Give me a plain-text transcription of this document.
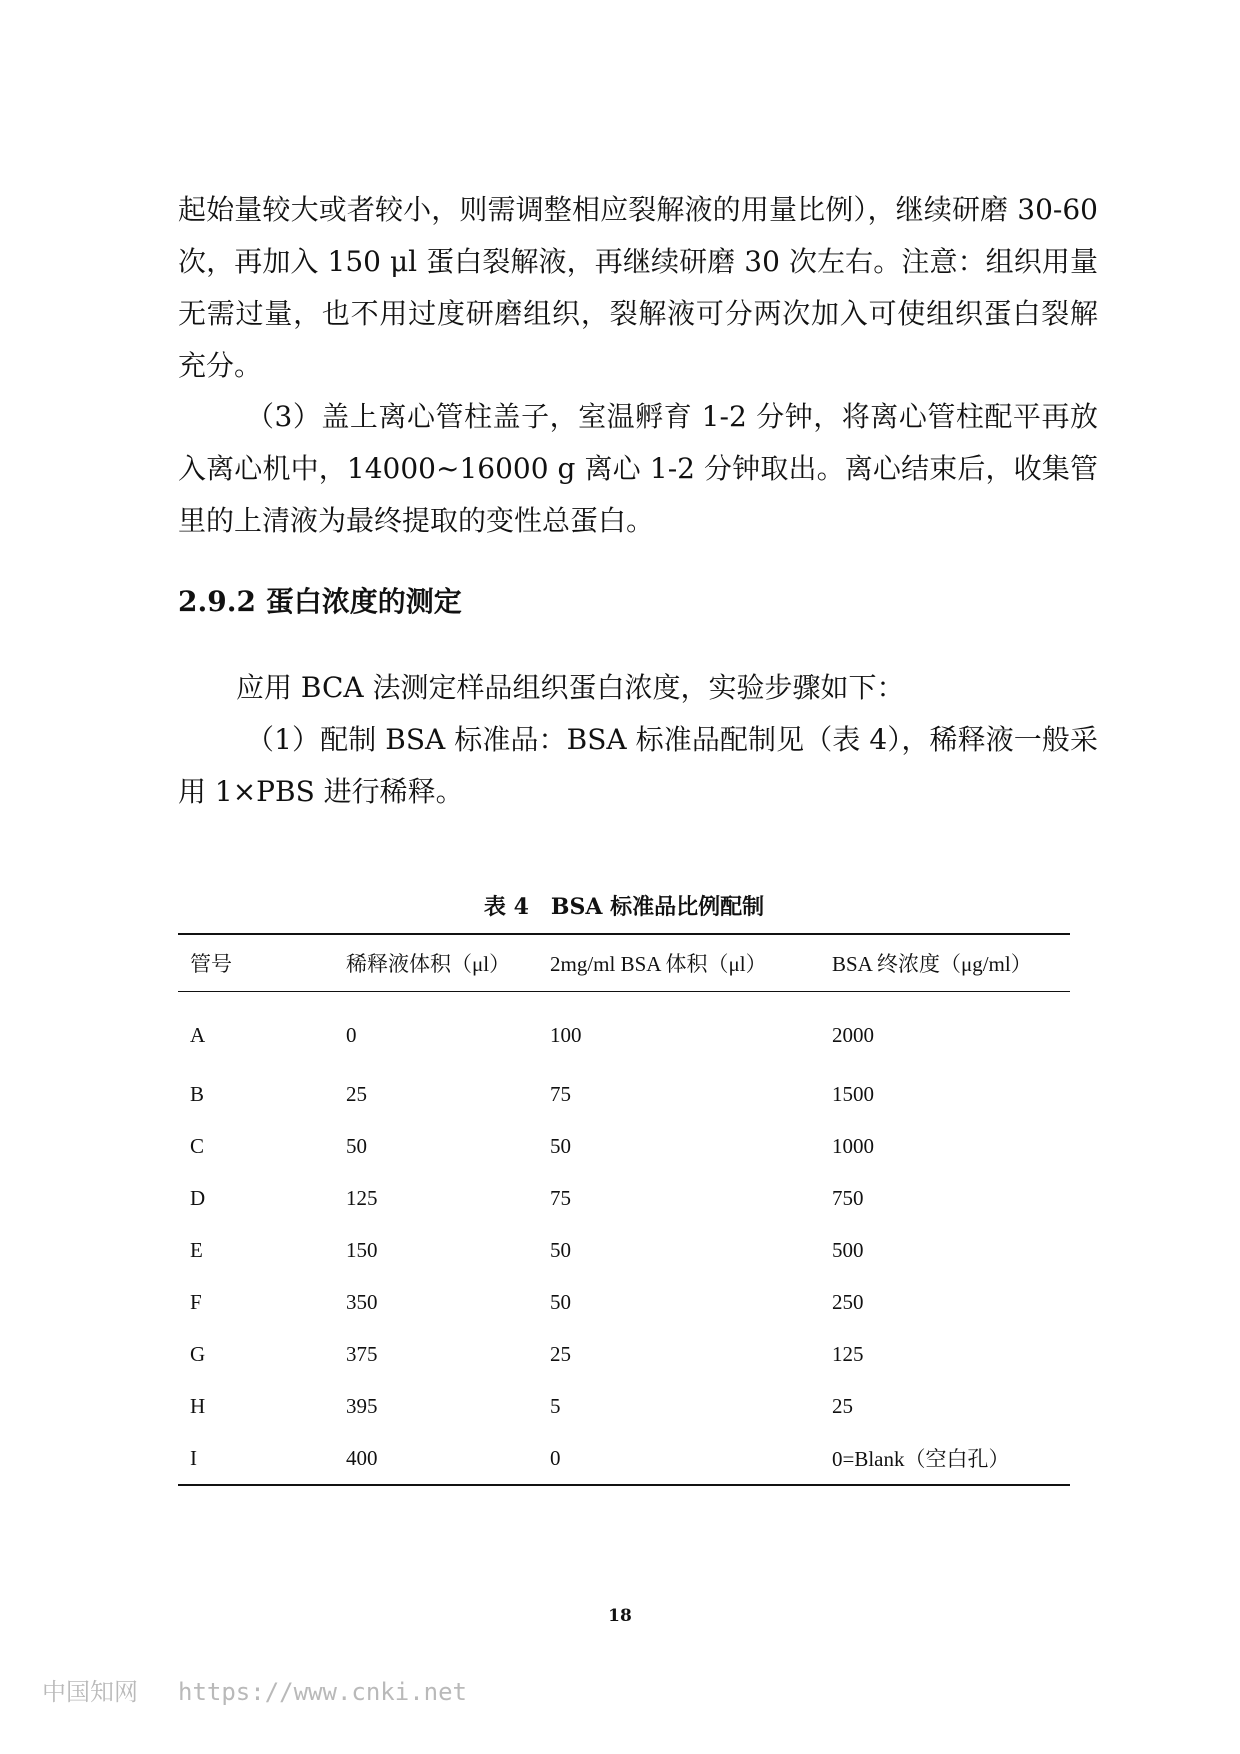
起始量较大或者较小，则需调整相应裂解液的用量比例），继续研磨 30-60 次，再加入 150 μl 蛋白裂解液，再继续研磨 30 次左右。注意：组织用量无需过量，也不用过度研磨组织，裂解液可分两次加入可使组织蛋白裂解充分。

（3）盖上离心管柱盖子，室温孵育 1-2 分钟，将离心管柱配平再放入离心机中，14000~16000 g 离心 1-2 分钟取出。离心结束后，收集管里的上清液为最终提取的变性总蛋白。

2.9.2 蛋白浓度的测定

应用 BCA 法测定样品组织蛋白浓度，实验步骤如下：

（1）配制 BSA 标准品：BSA 标准品配制见（表 4），稀释液一般采用 1×PBS 进行稀释。

表 4　BSA 标准品比例配制

管号	稀释液体积（μl）	2mg/ml BSA 体积（μl）	BSA 终浓度（μg/ml）
A	0	100	2000
B	25	75	1500
C	50	50	1000
D	125	75	750
E	150	50	500
F	350	50	250
G	375	25	125
H	395	5	25
I	400	0	0=Blank（空白孔）
18
中国知网 https://www.cnki.net
